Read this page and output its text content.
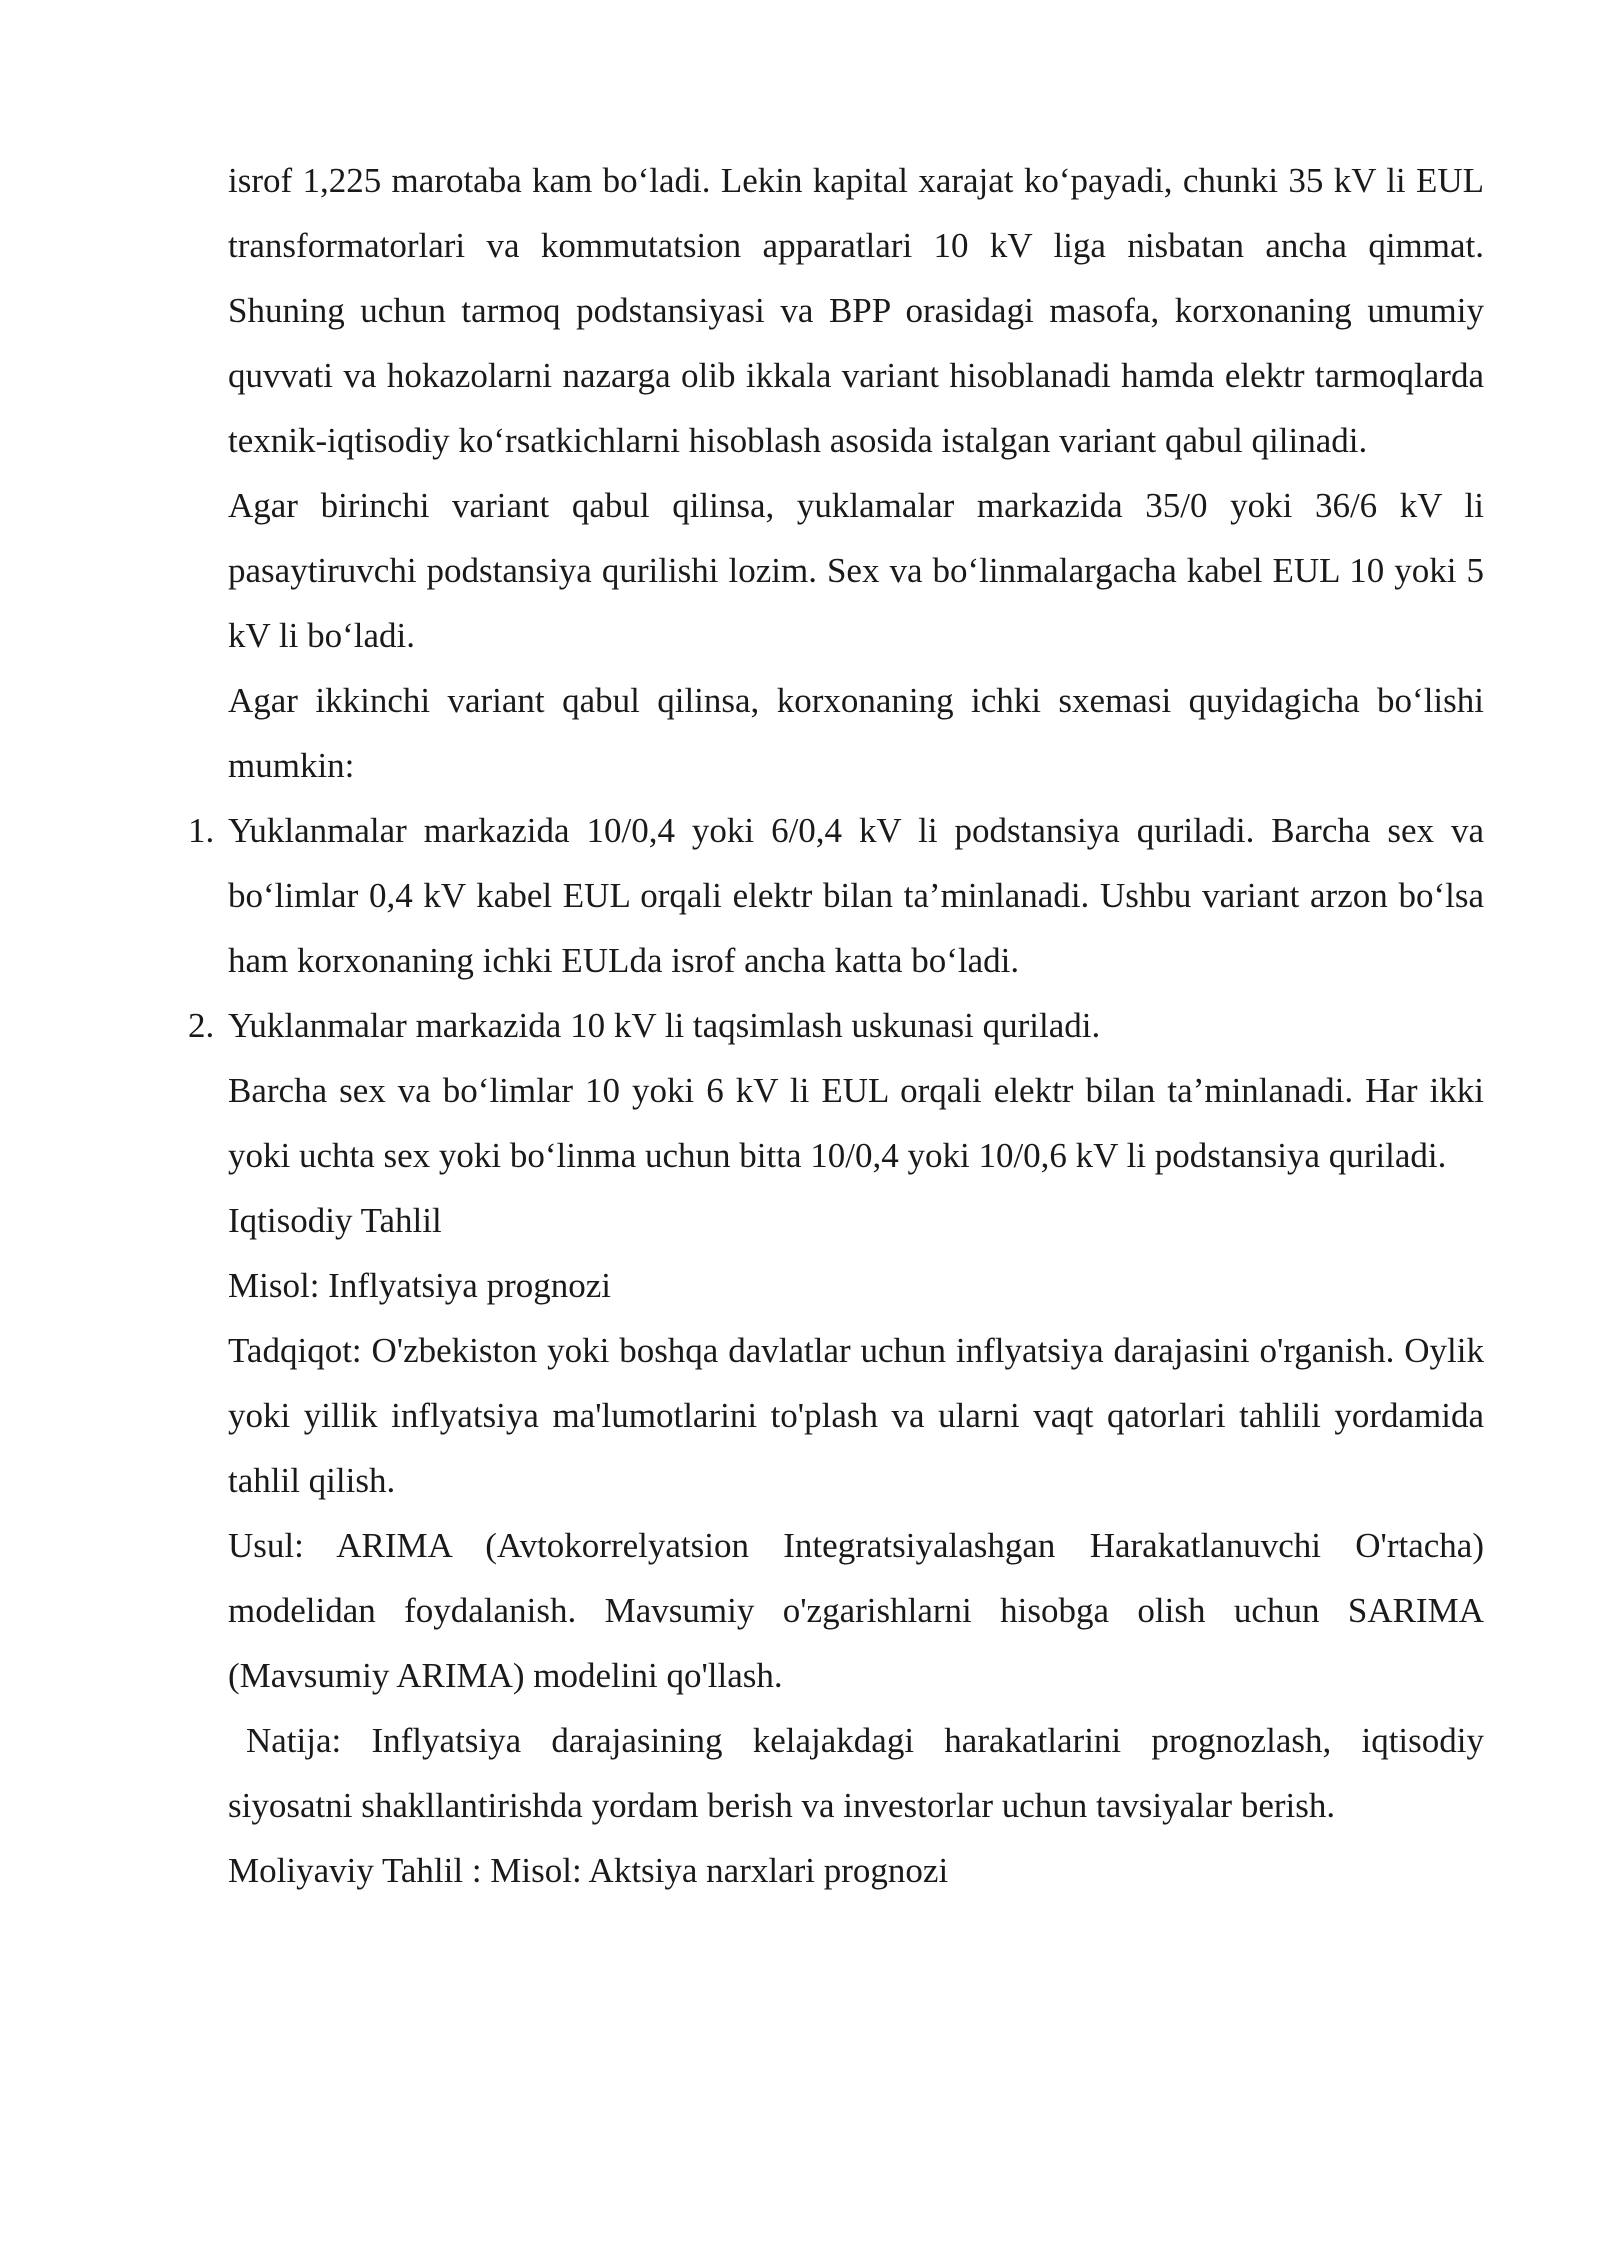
isrof 1,225 marotaba kam bo‘ladi. Lekin kapital xarajat ko‘payadi, chunki 35 kV li EUL transformatorlari va kommutatsion apparatlari 10 kV liga nisbatan ancha qimmat. Shuning uchun tarmoq podstansiyasi va BPP orasidagi masofa, korxonaning umumiy quvvati va hokazolarni nazarga olib ikkala variant hisoblanadi hamda elektr tarmoqlarda texnik-iqtisodiy ko‘rsatkichlarni hisoblash asosida istalgan variant qabul qilinadi.

Agar birinchi variant qabul qilinsa, yuklamalar markazida 35/0 yoki 36/6 kV li pasaytiruvchi podstansiya qurilishi lozim. Sex va bo‘linmalargacha kabel EUL 10 yoki 5 kV li bo‘ladi.

Agar ikkinchi variant qabul qilinsa, korxonaning ichki sxemasi quyidagicha bo‘lishi mumkin:

1. Yuklanmalar markazida 10/0,4 yoki 6/0,4 kV li podstansiya quriladi. Barcha sex va bo‘limlar 0,4 kV kabel EUL orqali elektr bilan ta’minlanadi. Ushbu variant arzon bo‘lsa ham korxonaning ichki EULda isrof ancha katta bo‘ladi.
2. Yuklanmalar markazida 10 kV li taqsimlash uskunasi quriladi.

Barcha sex va bo‘limlar 10 yoki 6 kV li EUL orqali elektr bilan ta’minlanadi. Har ikki yoki uchta sex yoki bo‘linma uchun bitta 10/0,4 yoki 10/0,6 kV li podstansiya quriladi.

Iqtisodiy Tahlil

Misol: Inflyatsiya prognozi

Tadqiqot: O'zbekiston yoki boshqa davlatlar uchun inflyatsiya darajasini o'rganish. Oylik yoki yillik inflyatsiya ma'lumotlarini to'plash va ularni vaqt qatorlari tahlili yordamida tahlil qilish.

Usul: ARIMA (Avtokorrelyatsion Integratsiyalashgan Harakatlanuvchi O'rtacha) modelidan foydalanish. Mavsumiy o'zgarishlarni hisobga olish uchun SARIMA (Mavsumiy ARIMA) modelini qo'llash.

Natija: Inflyatsiya darajasining kelajakdagi harakatlarini prognozlash, iqtisodiy siyosatni shakllantirishda yordam berish va investorlar uchun tavsiyalar berish.

Moliyaviy Tahlil : Misol: Aktsiya narxlari prognozi
